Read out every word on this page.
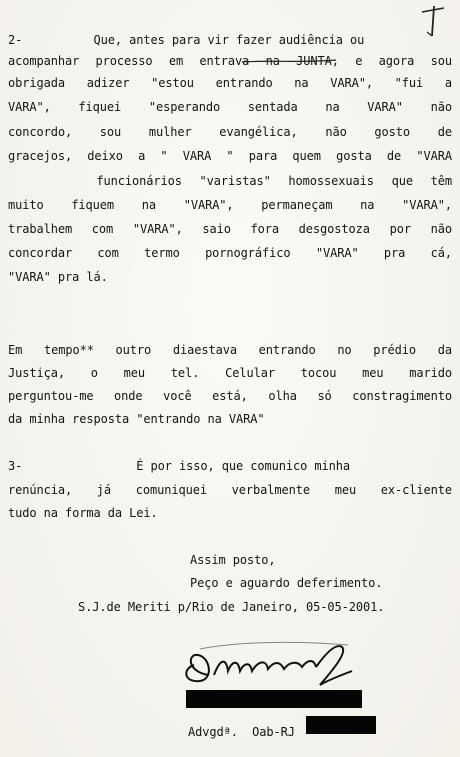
2-          Que, antes para vir fazer audiência ou
acompanhar processo em entrava na JUNTA, e agora sou
obrigada adizer "estou entrando na VARA", "fui a
VARA", fiquei "esperando sentada na VARA" não
concordo, sou mulher evangélica, não gosto de
gracejos, deixo a " VARA " para quem gosta de "VARA
funcionários "varistas" homossexuais que têm
muito fiquem na "VARA", permaneçam na "VARA",
trabalhem com "VARA", saio fora desgostoza por não
concordar com termo pornográfico "VARA" pra cá,
"VARA" pra lá.
Em tempo** outro diaestava entrando no prédio da
Justiça, o meu tel. Celular tocou meu marido
perguntou-me onde você está, olha só constragimento
da minha resposta "entrando na VARA"
3-                É por isso, que comunico minha
renúncia, já comuniquei verbalmente meu ex-cliente
tudo na forma da Lei.
Assim posto,
Peço e aguardo deferimento.
S.J.de Meriti p/Rio de Janeiro, 05-05-2001.
Advgdª.  Oab-RJ
